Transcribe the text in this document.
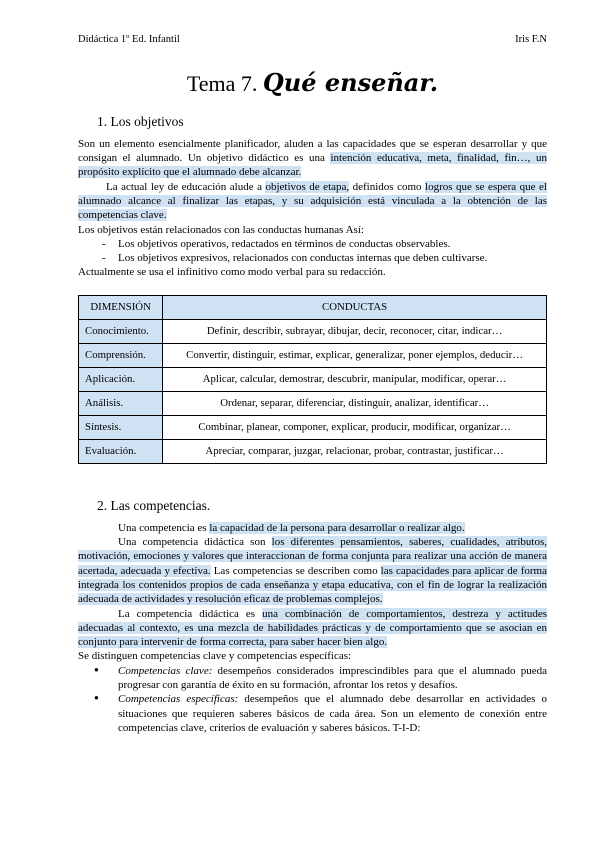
Didáctica 1º Ed. Infantil	Iris F.N
Tema 7. Qué enseñar.
1. Los objetivos

Son un elemento esencialmente planificador, aluden a las capacidades que se esperan desarrollar y que consigan el alumnado. Un objetivo didáctico es una intención educativa, meta, finalidad, fin…, un propósito explícito que el alumnado debe alcanzar.

La actual ley de educación alude a objetivos de etapa, definidos como logros que se espera que el alumnado alcance al finalizar las etapas, y su adquisición está vinculada a la obtención de las competencias clave.

Los objetivos están relacionados con las conductas humanas Así:

- Los objetivos operativos, redactados en términos de conductas observables.
- Los objetivos expresivos, relacionados con conductas internas que deben cultivarse.

Actualmente se usa el infinitivo como modo verbal para su redacción.

DIMENSIÓN	CONDUCTAS
Conocimiento.	Definir, describir, subrayar, dibujar, decir, reconocer, citar, indicar…
Comprensión.	Convertir, distinguir, estimar, explicar, generalizar, poner ejemplos, deducir…
Aplicación.	Aplicar, calcular, demostrar, descubrir, manipular, modificar, operar…
Análisis.	Ordenar, separar, diferenciar, distinguir, analizar, identificar…
Síntesis.	Combinar, planear, componer, explicar, producir, modificar, organizar…
Evaluación.	Apreciar, comparar, juzgar, relacionar, probar, contrastar, justificar…
2. Las competencias.

Una competencia es la capacidad de la persona para desarrollar o realizar algo.

Una competencia didáctica son los diferentes pensamientos, saberes, cualidades, atributos, motivación, emociones y valores que interaccionan de forma conjunta para realizar una acción de manera acertada, adecuada y efectiva. Las competencias se describen como las capacidades para aplicar de forma integrada los contenidos propios de cada enseñanza y etapa educativa, con el fin de lograr la realización adecuada de actividades y resolución eficaz de problemas complejos.

La competencia didáctica es una combinación de comportamientos, destreza y actitudes adecuadas al contexto, es una mezcla de habilidades prácticas y de comportamiento que se asocian en conjunto para intervenir de forma correcta, para saber hacer bien algo.

Se distinguen competencias clave y competencias específicas:

● Competencias clave: desempeños considerados imprescindibles para que el alumnado pueda progresar con garantía de éxito en su formación, afrontar los retos y desafíos.
● Competencias específicas: desempeños que el alumnado debe desarrollar en actividades o situaciones que requieren saberes básicos de cada área. Son un elemento de conexión entre competencias clave, criterios de evaluación y saberes básicos. T-I-D:
